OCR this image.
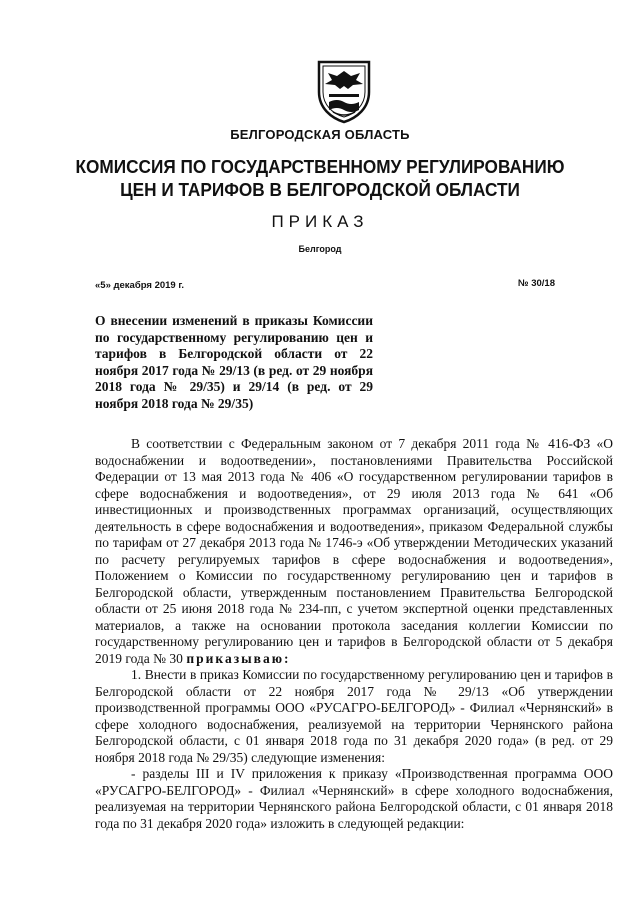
БЕЛГОРОДСКАЯ ОБЛАСТЬ
КОМИССИЯ ПО ГОСУДАРСТВЕННОМУ РЕГУЛИРОВАНИЮ
ЦЕН И ТАРИФОВ В БЕЛГОРОДСКОЙ ОБЛАСТИ
ПРИКАЗ
Белгород
«5» декабря 2019 г.	№ 30/18
О внесении изменений в приказы Комиссии по государственному регулированию цен и тарифов в Белгородской области от 22 ноября 2017 года № 29/13 (в ред. от 29 ноября 2018 года № 29/35) и 29/14 (в ред. от 29 ноября 2018 года № 29/35)

В соответствии с Федеральным законом от 7 декабря 2011 года № 416-ФЗ «О водоснабжении и водоотведении», постановлениями Правительства Российской Федерации от 13 мая 2013 года № 406 «О государственном регулировании тарифов в сфере водоснабжения и водоотведения», от 29 июля 2013 года № 641 «Об инвестиционных и производственных программах организаций, осуществляющих деятельность в сфере водоснабжения и водоотведения», приказом Федеральной службы по тарифам от 27 декабря 2013 года № 1746-э «Об утверждении Методических указаний по расчету регулируемых тарифов в сфере водоснабжения и водоотведения», Положением о Комиссии по государственному регулированию цен и тарифов в Белгородской области, утвержденным постановлением Правительства Белгородской области от 25 июня 2018 года № 234-пп, с учетом экспертной оценки представленных материалов, а также на основании протокола заседания коллегии Комиссии по государственному регулированию цен и тарифов в Белгородской области от 5 декабря 2019 года № 30 приказываю:

1. Внести в приказ Комиссии по государственному регулированию цен и тарифов в Белгородской области от 22 ноября 2017 года № 29/13 «Об утверждении производственной программы ООО «РУСАГРО-БЕЛГОРОД» - Филиал «Чернянский» в сфере холодного водоснабжения, реализуемой на территории Чернянского района Белгородской области, с 01 января 2018 года по 31 декабря 2020 года» (в ред. от 29 ноября 2018 года № 29/35) следующие изменения:

- разделы III и IV приложения к приказу «Производственная программа ООО «РУСАГРО-БЕЛГОРОД» - Филиал «Чернянский» в сфере холодного водоснабжения, реализуемая на территории Чернянского района Белгородской области, с 01 января 2018 года по 31 декабря 2020 года» изложить в следующей редакции:
